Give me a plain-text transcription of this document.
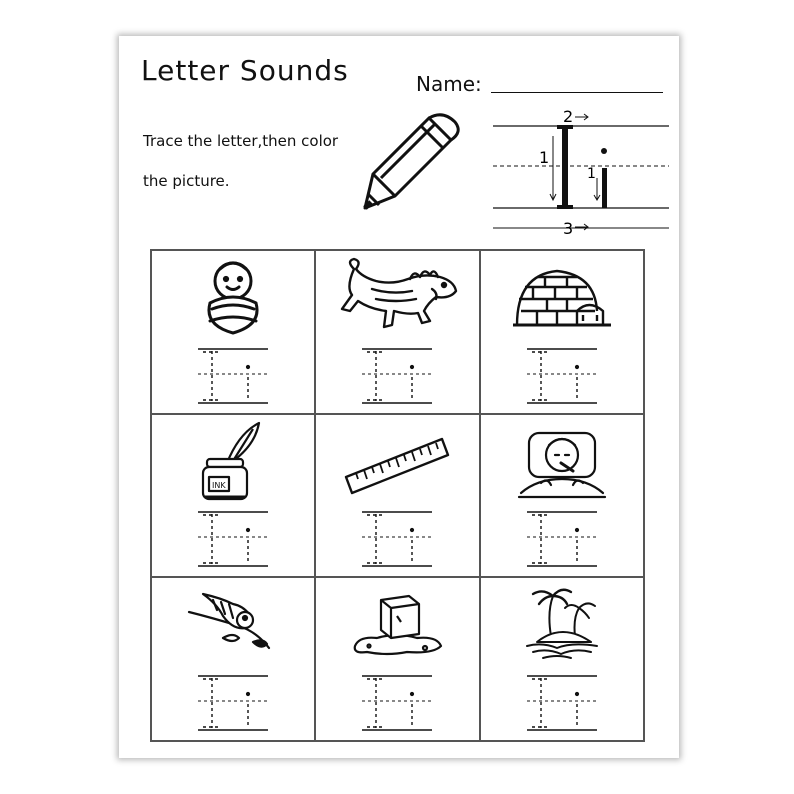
Letter Sounds	Name:
Trace the letter,then color
the picture.
1
2
3
1
INK
